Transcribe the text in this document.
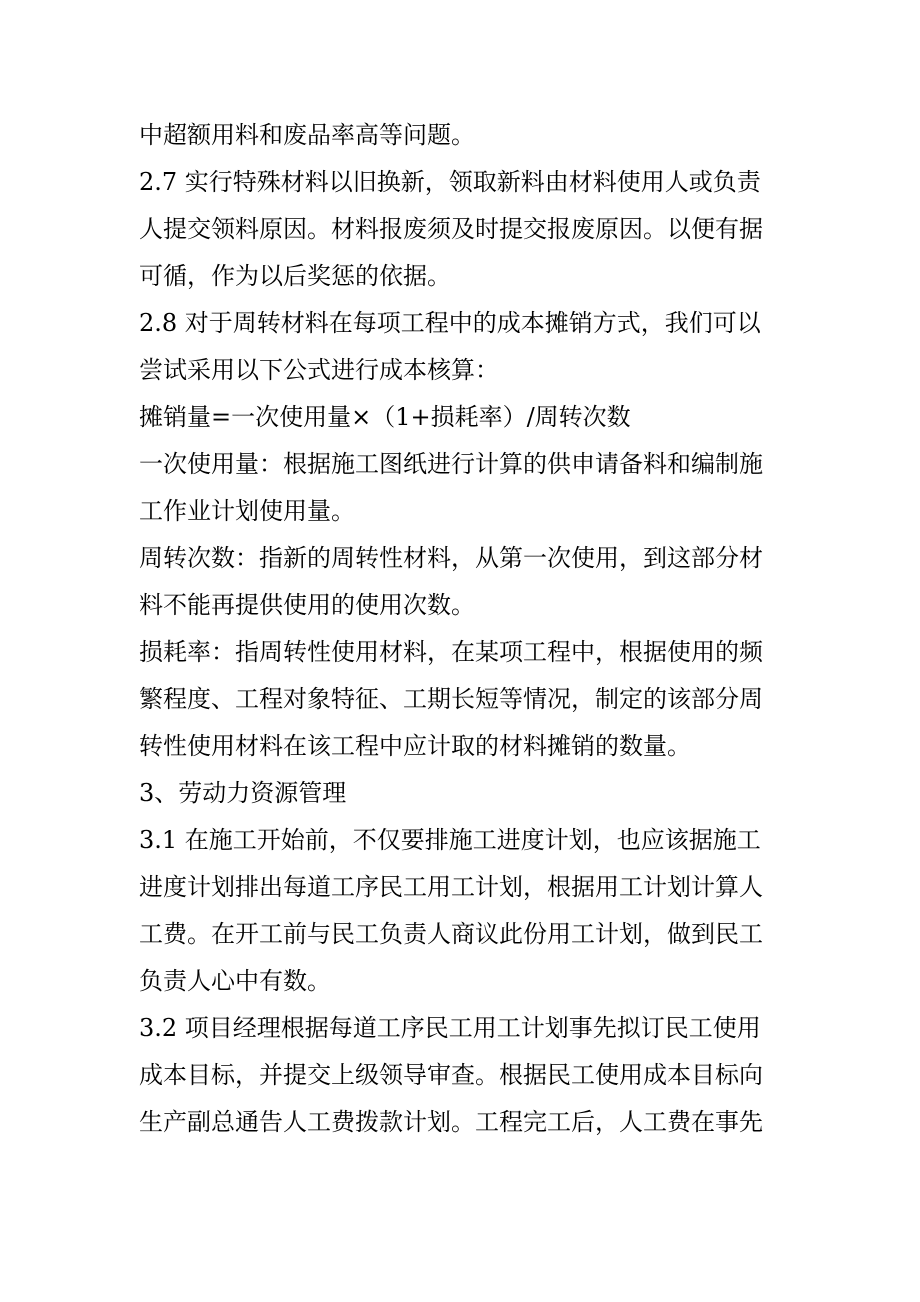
中超额用料和废品率高等问题。
2.7 实行特殊材料以旧换新，领取新料由材料使用人或负责
人提交领料原因。材料报废须及时提交报废原因。以便有据
可循，作为以后奖惩的依据。
2.8 对于周转材料在每项工程中的成本摊销方式，我们可以
尝试采用以下公式进行成本核算：
摊销量=一次使用量×（1+损耗率）/周转次数
一次使用量：根据施工图纸进行计算的供申请备料和编制施
工作业计划使用量。
周转次数：指新的周转性材料，从第一次使用，到这部分材
料不能再提供使用的使用次数。
损耗率：指周转性使用材料，在某项工程中，根据使用的频
繁程度、工程对象特征、工期长短等情况，制定的该部分周
转性使用材料在该工程中应计取的材料摊销的数量。
3、劳动力资源管理
3.1 在施工开始前，不仅要排施工进度计划，也应该据施工
进度计划排出每道工序民工用工计划，根据用工计划计算人
工费。在开工前与民工负责人商议此份用工计划，做到民工
负责人心中有数。
3.2 项目经理根据每道工序民工用工计划事先拟订民工使用
成本目标，并提交上级领导审查。根据民工使用成本目标向
生产副总通告人工费拨款计划。工程完工后，人工费在事先
